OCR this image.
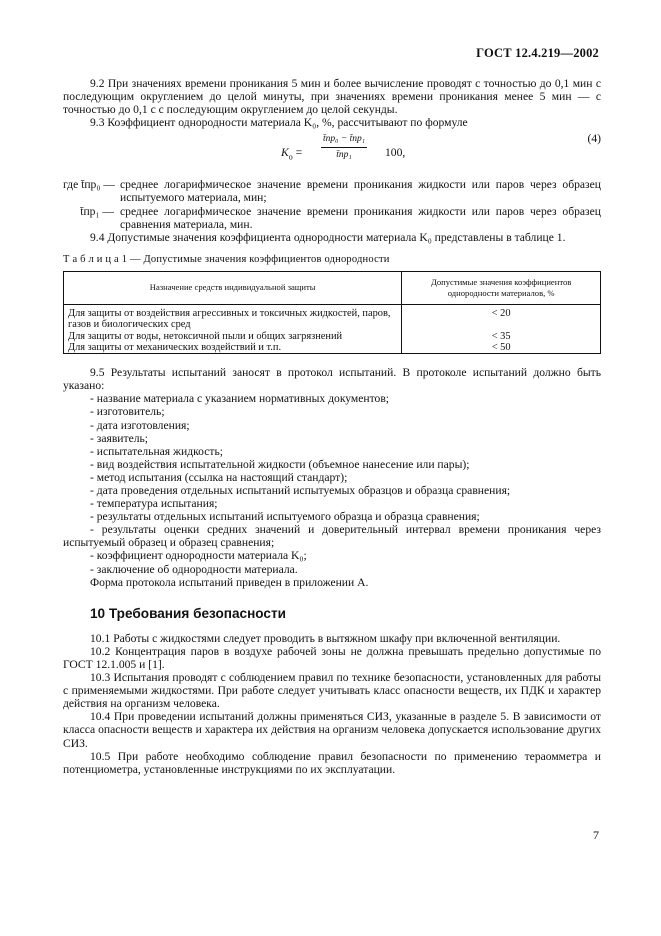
ГОСТ 12.4.219—2002

9.2 При значениях времени проникания 5 мин и более вычисление проводят с точностью до 0,1 мин с последующим округлением до целой минуты, при значениях времени проникания менее 5 мин — с точностью до 0,1 с с последующим округлением до целой секунды.

9.3 Коэффициент однородности материала K₀, %, рассчитывают по формуле

$K_о$ =
t̄пр₀ − t̄пр₁
t̄пр₁	100,
(4)
где t̄пр₀ — среднее логарифмическое значение времени проникания жидкости или паров через образец испытуемого материала, мин;
t̄пр₁ — среднее логарифмическое значение времени проникания жидкости или паров через образец сравнения материала, мин.

9.4 Допустимые значения коэффициента однородности материала K₀ представлены в таблице 1.

Т а б л и ц а 1 — Допустимые значения коэффициентов однородности

Назначение средств индивидуальной защиты	Допустимые значения коэффициентов однородности материалов, %
Для защиты от воздействия агрессивных и токсичных жидкостей, паров, газов и биологических сред	< 20
Для защиты от воды, нетоксичной пыли и общих загрязнений	< 35
Для защиты от механических воздействий и т.п.	< 50

9.5 Результаты испытаний заносят в протокол испытаний. В протоколе испытаний должно быть указано:

- название материала с указанием нормативных документов;
- изготовитель;
- дата изготовления;
- заявитель;
- испытательная жидкость;
- вид воздействия испытательной жидкости (объемное нанесение или пары);
- метод испытания (ссылка на настоящий стандарт);
- дата проведения отдельных испытаний испытуемых образцов и образца сравнения;
- температура испытания;
- результаты отдельных испытаний испытуемого образца и образца сравнения;

- результаты оценки средних значений и доверительный интервал времени проникания через испытуемый образец и образец сравнения;

- коэффициент однородности материала K₀;
- заключение об однородности материала.

Форма протокола испытаний приведен в приложении А.

10 Требования безопасности

10.1 Работы с жидкостями следует проводить в вытяжном шкафу при включенной вентиляции.

10.2 Концентрация паров в воздухе рабочей зоны не должна превышать предельно допустимые по ГОСТ 12.1.005 и [1].

10.3 Испытания проводят с соблюдением правил по технике безопасности, установленных для работы с применяемыми жидкостями. При работе следует учитывать класс опасности веществ, их ПДК и характер действия на организм человека.

10.4 При проведении испытаний должны применяться СИЗ, указанные в разделе 5. В зависимости от класса опасности веществ и характера их действия на организм человека допускается использование других СИЗ.

10.5 При работе необходимо соблюдение правил безопасности по применению тераомметра и потенциометра, установленные инструкциями по их эксплуатации.

7
